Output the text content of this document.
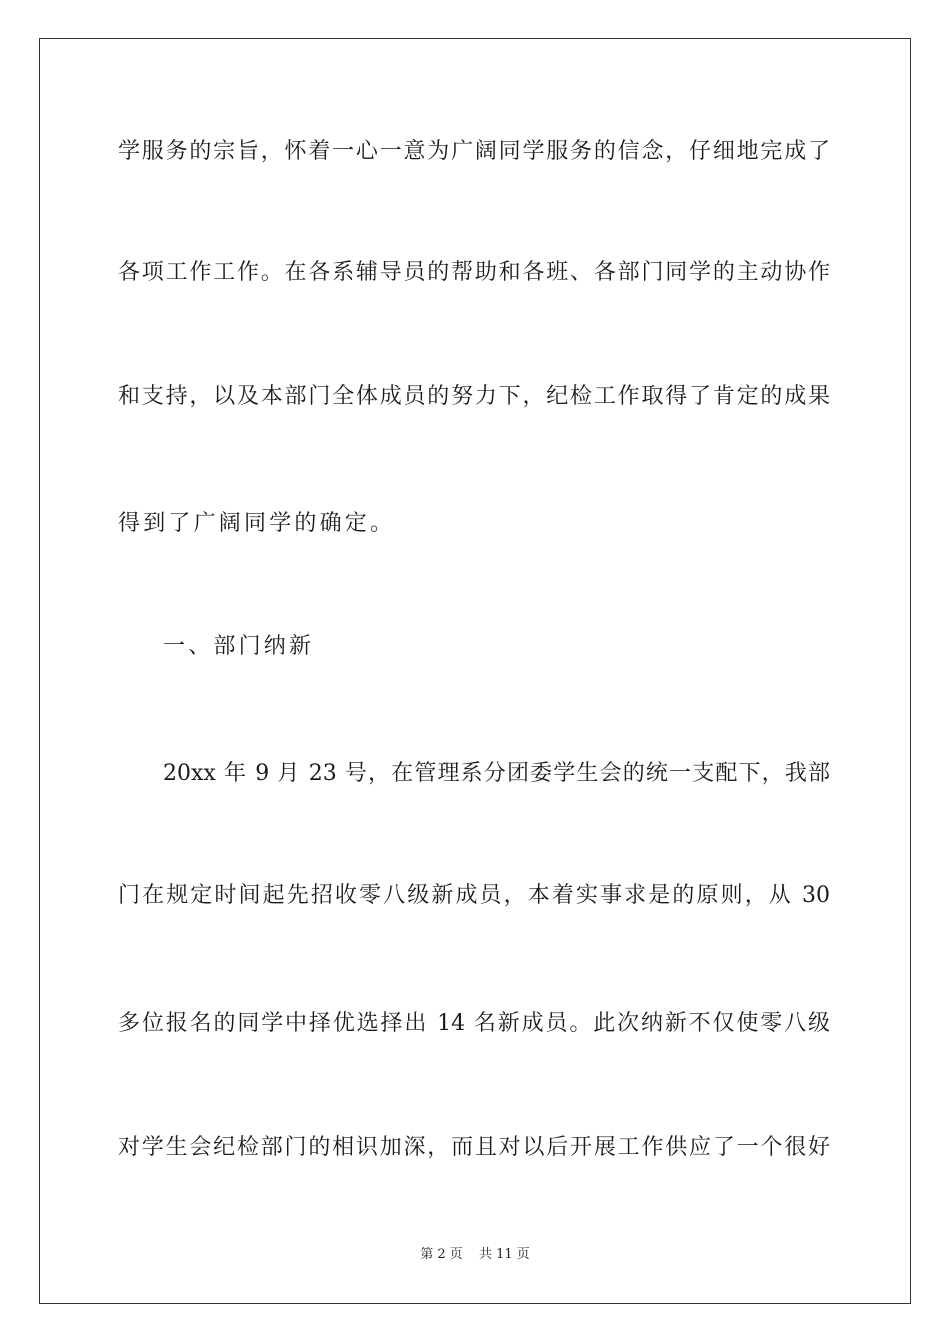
学服务的宗旨，怀着一心一意为广阔同学服务的信念，仔细地完成了
各项工作工作。在各系辅导员的帮助和各班、各部门同学的主动协作
和支持，以及本部门全体成员的努力下，纪检工作取得了肯定的成果
得到了广阔同学的确定。
一、部门纳新
20xx 年 9 月 23 号，在管理系分团委学生会的统一支配下，我部
门在规定时间起先招收零八级新成员，本着实事求是的原则，从 30
多位报名的同学中择优选择出 14 名新成员。此次纳新不仅使零八级
对学生会纪检部门的相识加深，而且对以后开展工作供应了一个很好
第 2 页 共 11 页
